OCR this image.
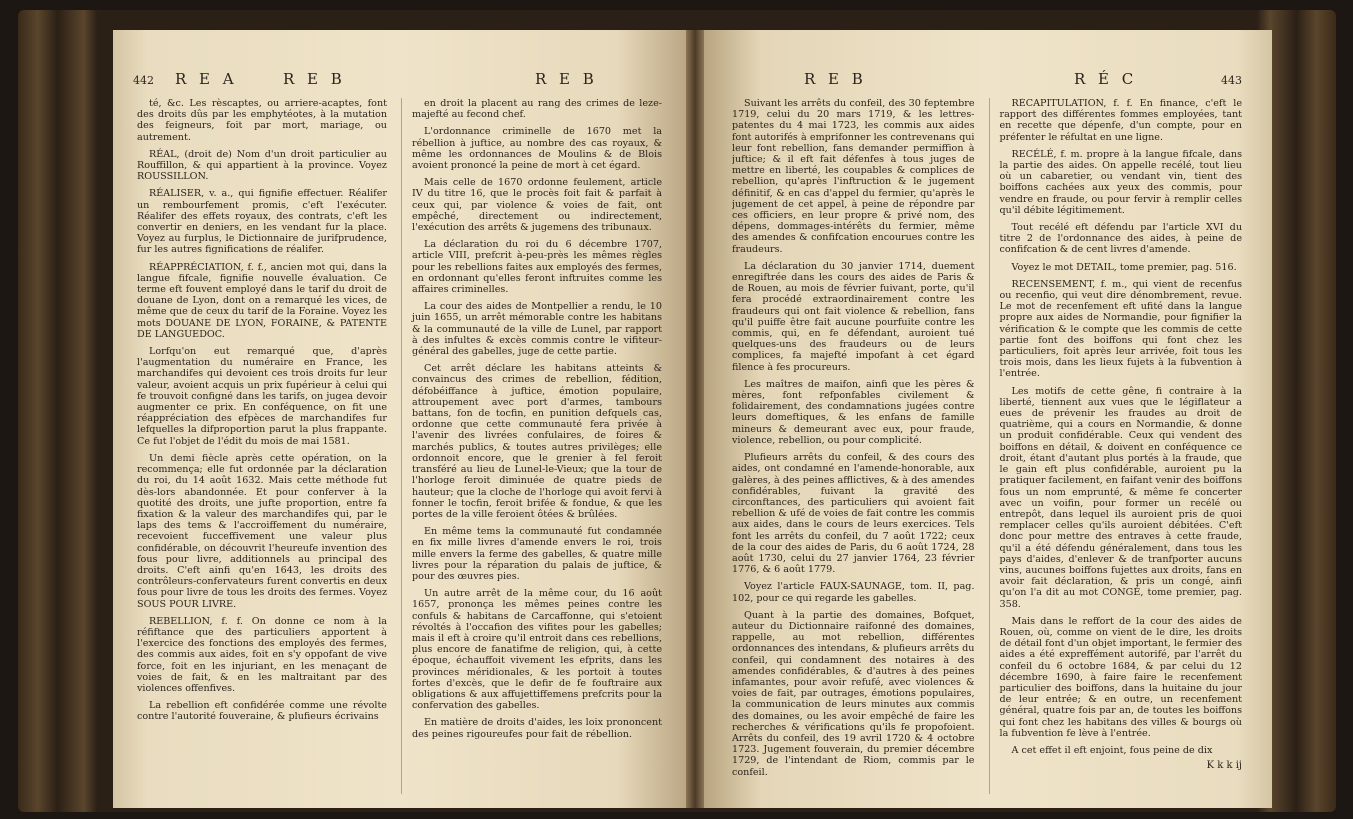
442 R E A	R E B	R E B

té, &c. Les rèscaptes, ou arriere-acaptes, font des droits dûs par les emphytéotes, à la mutation des feigneurs, foit par mort, mariage, ou autrement.

RÉAL, (droit de) Nom d'un droit particulier au Rouffillon, & qui appartient à la province. Voyez ROUSSILLON.

RÉALISER, v. a., qui fignifie effectuer. Réalifer un rembourfement promis, c'eft l'exécuter. Réalifer des effets royaux, des contrats, c'eft les convertir en deniers, en les vendant fur la place. Voyez au furplus, le Dictionnaire de jurifprudence, fur les autres fignifications de réalifer.

RÉAPPRÉCIATION, f. f., ancien mot qui, dans la langue fifcale, fignifie nouvelle évaluation. Ce terme eft fouvent employé dans le tarif du droit de douane de Lyon, dont on a remarqué les vices, de même que de ceux du tarif de la Foraine. Voyez les mots DOUANE DE LYON, FORAINE, & PATENTE DE LANGUEDOC.

Lorfqu'on eut remarqué que, d'après l'augmentation du numéraire en France, les marchandifes qui devoient ces trois droits fur leur valeur, avoient acquis un prix fupérieur à celui qui fe trouvoit configné dans les tarifs, on jugea devoir augmenter ce prix. En conféquence, on fit une réappréciation des efpèces de marchandifes fur lefquelles la difproportion parut la plus frappante. Ce fut l'objet de l'édit du mois de mai 1581.

Un demi fiècle après cette opération, on la recommença; elle fut ordonnée par la déclaration du roi, du 14 août 1632. Mais cette méthode fut dès-lors abandonnée. Et pour conferver à la quotité des droits, une jufte proportion, entre fa fixation & la valeur des marchandifes qui, par le laps des tems & l'accroiffement du numéraire, recevoient fucceffivement une valeur plus confidérable, on découvrit l'heureufe invention des fous pour livre, additionnels au principal des droits. C'eft ainfi qu'en 1643, les droits des contrôleurs-confervateurs furent convertis en deux fous pour livre de tous les droits des fermes. Voyez SOUS POUR LIVRE.

REBELLION, f. f. On donne ce nom à la réfiftance que des particuliers apportent à l'exercice des fonctions des employés des fermes, des commis aux aides, foit en s'y oppofant de vive force, foit en les injuriant, en les menaçant de voies de fait, & en les maltraitant par des violences offenfives.

La rebellion eft confidérée comme une révolte contre l'autorité fouveraine, & plufieurs écrivains

en droit la placent au rang des crimes de leze-majefté au fecond chef.

L'ordonnance criminelle de 1670 met la rébellion à juftice, au nombre des cas royaux, & même les ordonnances de Moulins & de Blois avoient prononcé la peine de mort à cet égard.

Mais celle de 1670 ordonne feulement, article IV du titre 16, que le procès foit fait & parfait à ceux qui, par violence & voies de fait, ont empêché, directement ou indirectement, l'exécution des arrêts & jugemens des tribunaux.

La déclaration du roi du 6 décembre 1707, article VIII, prefcrit à-peu-près les mêmes règles pour les rebellions faites aux employés des fermes, en ordonnant qu'elles feront inftruites comme les affaires criminelles.

La cour des aides de Montpellier a rendu, le 10 juin 1655, un arrêt mémorable contre les habitans & la communauté de la ville de Lunel, par rapport à des infultes & excès commis contre le vifiteur-général des gabelles, juge de cette partie.

Cet arrêt déclare les habitans atteints & convaincus des crimes de rebellion, fédition, défobéiffance à juftice, émotion populaire, attroupement avec port d'armes, tambours battans, fon de tocfin, en punition defquels cas, ordonne que cette communauté fera privée à l'avenir des livrées confulaires, de foires & marchés publics, & toutes autres privilèges; elle ordonnoit encore, que le grenier à fel feroit transféré au lieu de Lunel-le-Vieux; que la tour de l'horloge feroit diminuée de quatre pieds de hauteur; que la cloche de l'horloge qui avoit fervi à fonner le tocfin, feroit brifée & fondue, & que les portes de la ville feroient ôtées & brûlées.

En même tems la communauté fut condamnée en fix mille livres d'amende envers le roi, trois mille envers la ferme des gabelles, & quatre mille livres pour la réparation du palais de juftice, & pour des œuvres pies.

Un autre arrêt de la même cour, du 16 août 1657, prononça les mêmes peines contre les confuls & habitans de Carcaffonne, qui s'etoient révoltés à l'occafion des vifites pour les gabelles; mais il eft à croire qu'il entroit dans ces rebellions, plus encore de fanatifme de religion, qui, à cette époque, échauffoit vivement les efprits, dans les provinces méridionales, & les portoit à toutes fortes d'excès, que le defir de fe fouftraire aux obligations & aux affujettiffemens prefcrits pour la confervation des gabelles.

En matière de droits d'aides, les loix prononcent des peines rigoureufes pour fait de rébellion.

R E B	R É C	443

Suivant les arrêts du confeil, des 30 feptembre 1719, celui du 20 mars 1719, & les lettres-patentes du 4 mai 1723, les commis aux aides font autorifés à emprifonner les contrevenans qui leur font rebellion, fans demander permiffion à juftice; & il eft fait défenfes à tous juges de mettre en liberté, les coupables & complices de rebellion, qu'après l'inftruction & le jugement définitif, & en cas d'appel du fermier, qu'après le jugement de cet appel, à peine de répondre par ces officiers, en leur propre & privé nom, des dépens, dommages-intérêts du fermier, même des amendes & confifcation encourues contre les fraudeurs.

La déclaration du 30 janvier 1714, duement enregiftrée dans les cours des aides de Paris & de Rouen, au mois de février fuivant, porte, qu'il fera procédé extraordinairement contre les fraudeurs qui ont fait violence & rebellion, fans qu'il puiffe être fait aucune pourfuite contre les commis, qui, en fe défendant, auroient tué quelques-uns des fraudeurs ou de leurs complices, fa majefté impofant à cet égard filence à fes procureurs.

Les maîtres de maifon, ainfi que les pères & mères, font refponfables civilement & folidairement, des condamnations jugées contre leurs domeftiques, & les enfans de famille mineurs & demeurant avec eux, pour fraude, violence, rebellion, ou pour complicité.

Plufieurs arrêts du confeil, & des cours des aides, ont condamné en l'amende-honorable, aux galères, à des peines afflictives, & à des amendes confidérables, fuivant la gravité des circonftances, des particuliers qui avoient fait rebellion & ufé de voies de fait contre les commis aux aides, dans le cours de leurs exercices. Tels font les arrêts du confeil, du 7 août 1722; ceux de la cour des aides de Paris, du 6 août 1724, 28 août 1730, celui du 27 janvier 1764, 23 février 1776, & 6 août 1779.

Voyez l'article FAUX-SAUNAGE, tom. II, pag. 102, pour ce qui regarde les gabelles.

Quant à la partie des domaines, Bofquet, auteur du Dictionnaire raifonné des domaines, rappelle, au mot rebellion, différentes ordonnances des intendans, & plufieurs arrêts du confeil, qui condamnent des notaires à des amendes confidérables, & d'autres à des peines infamantes, pour avoir refufé, avec violences & voies de fait, par outrages, émotions populaires, la communication de leurs minutes aux commis des domaines, ou les avoir empêché de faire les recherches & vérifications qu'ils fe propofoient. Arrêts du confeil, des 19 avril 1720 & 4 octobre 1723. Jugement fouverain, du premier décembre 1729, de l'intendant de Riom, commis par le confeil.

RÉCAPITULATION, f. f. En finance, c'eft le rapport des différentes fommes employées, tant en recette que dépenfe, d'un compte, pour en préfenter le réfultat en une ligne.

RECÉLÉ, f. m. propre à la langue fifcale, dans la partie des aides. On appelle recélé, tout lieu où un cabaretier, ou vendant vin, tient des boiffons cachées aux yeux des commis, pour vendre en fraude, ou pour fervir à remplir celles qu'il débite légitimement.

Tout recélé eft défendu par l'article XVI du titre 2 de l'ordonnance des aides, à peine de confifcation & de cent livres d'amende.

Voyez le mot DETAIL, tome premier, pag. 516.

RECENSEMENT, f. m., qui vient de recenfus ou recenfio, qui veut dire dénombrement, revue. Le mot de recenfement eft ufité dans la langue propre aux aides de Normandie, pour fignifier la vérification & le compte que les commis de cette partie font des boiffons qui font chez les particuliers, foit après leur arrivée, foit tous les trois mois, dans les lieux fujets à la fubvention à l'entrée.

Les motifs de cette gêne, fi contraire à la liberté, tiennent aux vues que le légiflateur a eues de prévenir les fraudes au droit de quatrième, qui a cours en Normandie, & donne un produit confidérable. Ceux qui vendent des boiffons en détail, & doivent en conféquence ce droit, étant d'autant plus portés à la fraude, que le gain eft plus confidérable, auroient pu la pratiquer facilement, en faifant venir des boiffons fous un nom emprunté, & même fe concerter avec un voifin, pour former un recélé ou entrepôt, dans lequel ils auroient pris de quoi remplacer celles qu'ils auroient débitées. C'eft donc pour mettre des entraves à cette fraude, qu'il a été défendu généralement, dans tous les pays d'aides, d'enlever & de tranfporter aucuns vins, aucunes boiffons fujettes aux droits, fans en avoir fait déclaration, & pris un congé, ainfi qu'on l'a dit au mot CONGÉ, tome premier, pag. 358.

Mais dans le reffort de la cour des aides de Rouen, où, comme on vient de le dire, les droits de détail font d'un objet important, le fermier des aides a été expreffément autorifé, par l'arrêt du confeil du 6 octobre 1684, & par celui du 12 décembre 1690, à faire faire le recenfement particulier des boiffons, dans la huitaine du jour de leur entrée; & en outre, un recenfement général, quatre fois par an, de toutes les boiffons qui font chez les habitans des villes & bourgs où la fubvention fe lève à l'entrée.

A cet effet il eft enjoint, fous peine de dix

K k k ij
